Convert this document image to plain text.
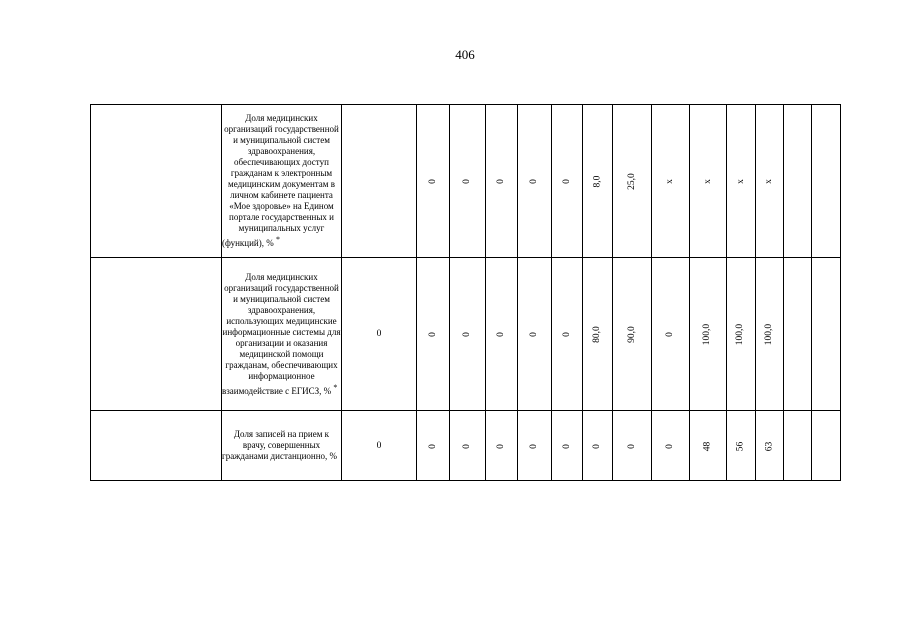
406
	Доля медицинских организаций государственной и муниципальной систем здравоохранения, обеспечивающих доступ гражданам к электронным медицинским документам в личном кабинете пациента «Мое здоровье» на Едином портале государственных и муниципальных услуг (функций), % *		0	0	0	0	0	8,0	25,0	x	x	x	x		
	Доля медицинских организаций государственной и муниципальной систем здравоохранения, использующих медицинские информационные системы для организации и оказания медицинской помощи гражданам, обеспечивающих информационное взаимодействие с ЕГИСЗ, % *	0	0	0	0	0	0	80,0	90,0	0	100,0	100,0	100,0		
	Доля записей на прием к врачу, совершенных гражданами дистанционно, %	0	0	0	0	0	0	0	0	0	48	56	63		
